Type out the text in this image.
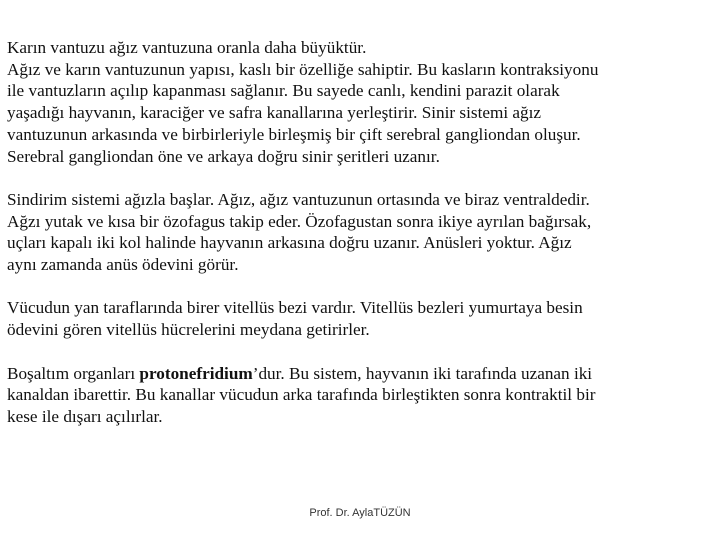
Karın vantuzu ağız vantuzuna oranla daha büyüktür.
Ağız ve karın vantuzunun yapısı, kaslı bir özelliğe sahiptir. Bu kasların kontraksiyonu
ile vantuzların açılıp kapanması sağlanır. Bu sayede canlı, kendini parazit olarak
yaşadığı hayvanın, karaciğer ve safra kanallarına yerleştirir. Sinir sistemi ağız
vantuzunun arkasında ve birbirleriyle birleşmiş bir çift serebral gangliondan oluşur.
Serebral gangliondan öne ve arkaya doğru sinir şeritleri uzanır.

Sindirim sistemi ağızla başlar. Ağız, ağız vantuzunun ortasında ve biraz ventraldedir.
Ağzı yutak ve kısa bir özofagus takip eder. Özofagustan sonra ikiye ayrılan bağırsak,
uçları kapalı iki kol halinde hayvanın arkasına doğru uzanır. Anüsleri yoktur. Ağız
aynı zamanda anüs ödevini görür.

Vücudun yan taraflarında birer vitellüs bezi vardır. Vitellüs bezleri yumurtaya besin
ödevini gören vitellüs hücrelerini meydana getirirler.

Boşaltım organları protonefridium’dur. Bu sistem, hayvanın iki tarafında uzanan iki
kanaldan ibarettir. Bu kanallar vücudun arka tarafında birleştikten sonra kontraktil bir
kese ile dışarı açılırlar.

Prof. Dr. AylaTÜZÜN
